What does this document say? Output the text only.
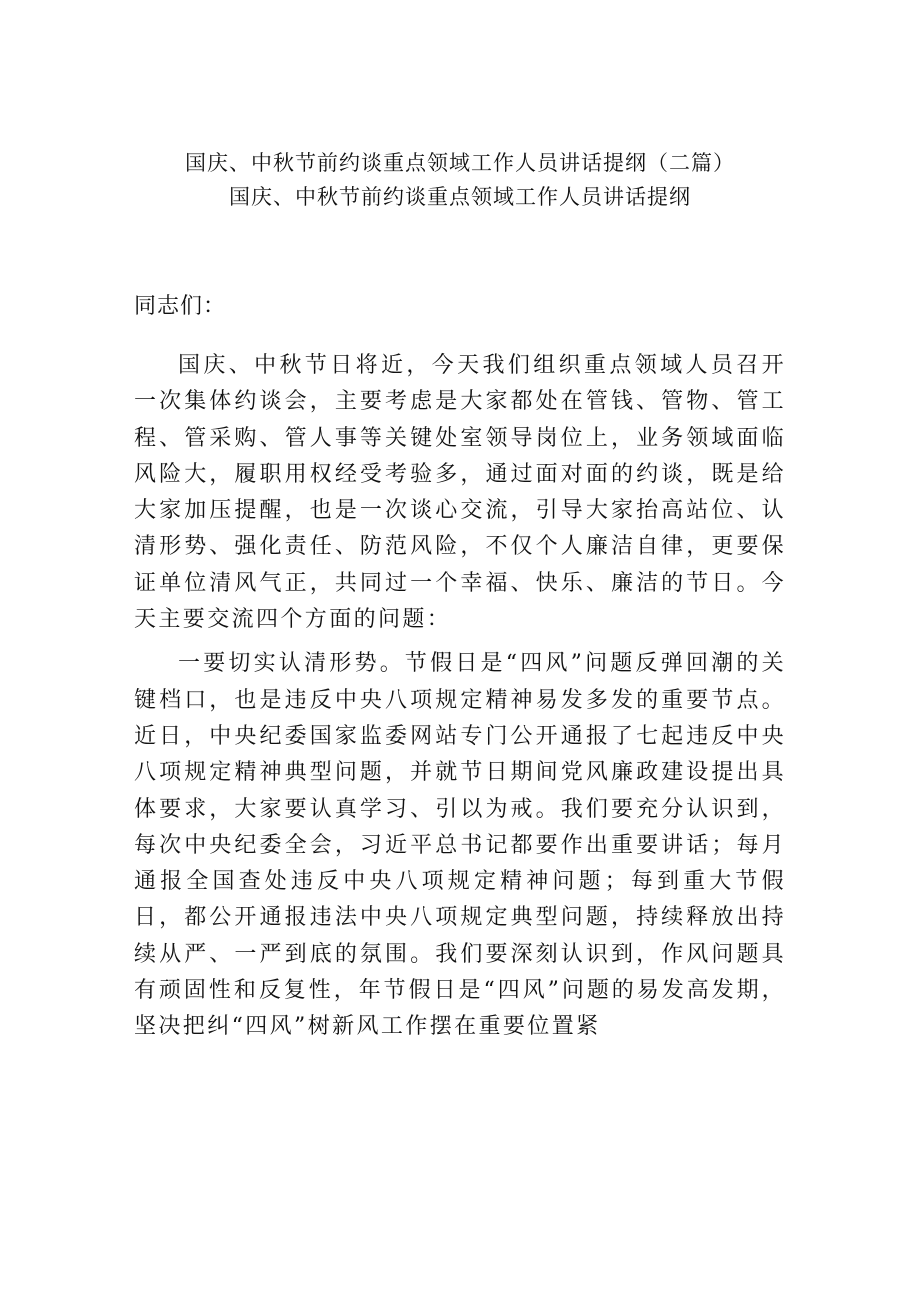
国庆、中秋节前约谈重点领域工作人员讲话提纲（二篇）
国庆、中秋节前约谈重点领域工作人员讲话提纲
同志们：

国庆、中秋节日将近，今天我们组织重点领域人员召开一次集体约谈会，主要考虑是大家都处在管钱、管物、管工程、管采购、管人事等关键处室领导岗位上，业务领域面临风险大，履职用权经受考验多，通过面对面的约谈，既是给大家加压提醒，也是一次谈心交流，引导大家抬高站位、认清形势、强化责任、防范风险，不仅个人廉洁自律，更要保证单位清风气正，共同过一个幸福、快乐、廉洁的节日。今天主要交流四个方面的问题：

一要切实认清形势。节假日是“四风”问题反弹回潮的关键档口，也是违反中央八项规定精神易发多发的重要节点。近日，中央纪委国家监委网站专门公开通报了七起违反中央八项规定精神典型问题，并就节日期间党风廉政建设提出具体要求，大家要认真学习、引以为戒。我们要充分认识到，每次中央纪委全会，习近平总书记都要作出重要讲话；每月通报全国查处违反中央八项规定精神问题；每到重大节假日，都公开通报违法中央八项规定典型问题，持续释放出持续从严、一严到底的氛围。我们要深刻认识到，作风问题具有顽固性和反复性，年节假日是“四风”问题的易发高发期，坚决把纠“四风”树新风工作摆在重要位置紧
